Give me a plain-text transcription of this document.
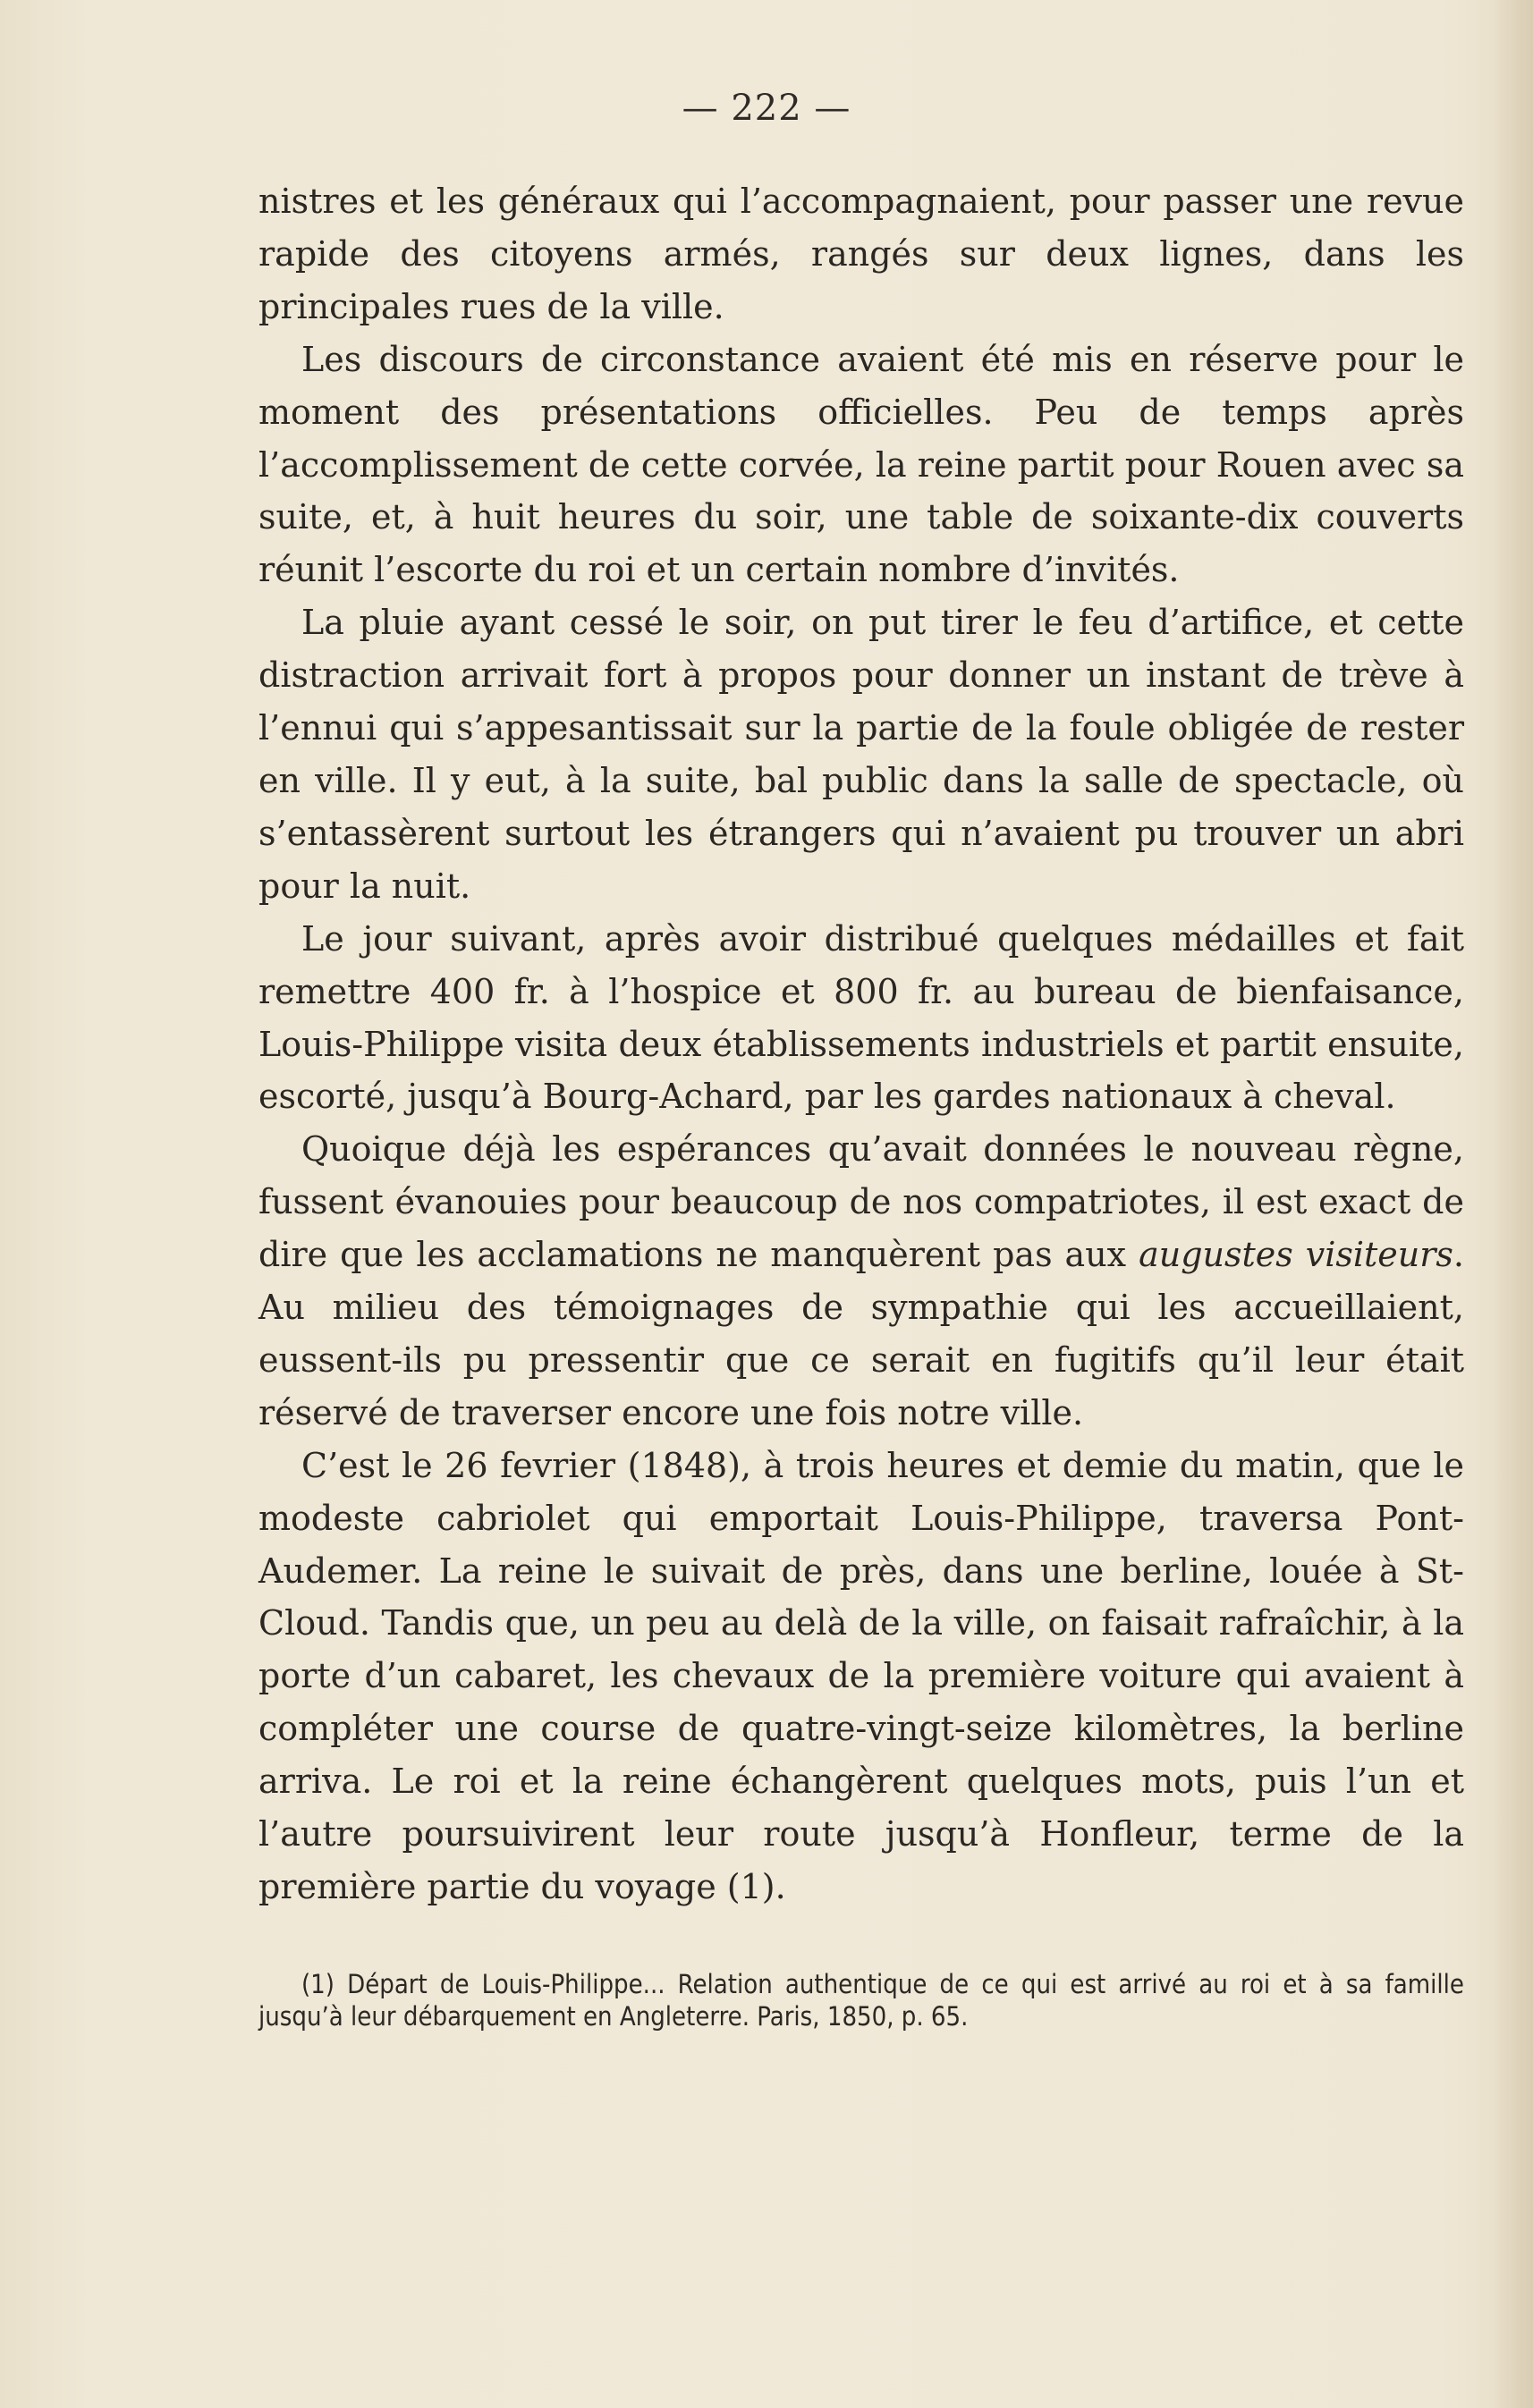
— 222 —

nistres et les généraux qui l’accompagnaient, pour passer une revue rapide des citoyens armés, rangés sur deux lignes, dans les principales rues de la ville.

Les discours de circonstance avaient été mis en réserve pour le moment des présentations officielles. Peu de temps après l’accomplissement de cette corvée, la reine partit pour Rouen avec sa suite, et, à huit heures du soir, une table de soixante-dix couverts réunit l’escorte du roi et un certain nombre d’invités.

La pluie ayant cessé le soir, on put tirer le feu d’artifice, et cette distraction arrivait fort à propos pour donner un instant de trève à l’ennui qui s’appesantissait sur la partie de la foule obligée de rester en ville. Il y eut, à la suite, bal public dans la salle de spectacle, où s’entassèrent surtout les étrangers qui n’avaient pu trouver un abri pour la nuit.

Le jour suivant, après avoir distribué quelques médailles et fait remettre 400 fr. à l’hospice et 800 fr. au bureau de bienfaisance, Louis-Philippe visita deux établissements industriels et partit ensuite, escorté, jusqu’à Bourg-Achard, par les gardes nationaux à cheval.

Quoique déjà les espérances qu’avait données le nouveau règne, fussent évanouies pour beaucoup de nos compatriotes, il est exact de dire que les acclamations ne manquèrent pas aux augustes visiteurs. Au milieu des témoignages de sympathie qui les accueillaient, eussent-ils pu pressentir que ce serait en fugitifs qu’il leur était réservé de traverser encore une fois notre ville.

C’est le 26 fevrier (1848), à trois heures et demie du matin, que le modeste cabriolet qui emportait Louis-Philippe, traversa Pont-Audemer. La reine le suivait de près, dans une berline, louée à St-Cloud. Tandis que, un peu au delà de la ville, on faisait rafraîchir, à la porte d’un cabaret, les chevaux de la première voiture qui avaient à compléter une course de quatre-vingt-seize kilomètres, la berline arriva. Le roi et la reine échangèrent quelques mots, puis l’un et l’autre poursuivirent leur route jusqu’à Honfleur, terme de la première partie du voyage (1).

(1) Départ de Louis-Philippe... Relation authentique de ce qui est arrivé au roi et à sa famille jusqu’à leur débarquement en Angleterre. Paris, 1850, p. 65.
